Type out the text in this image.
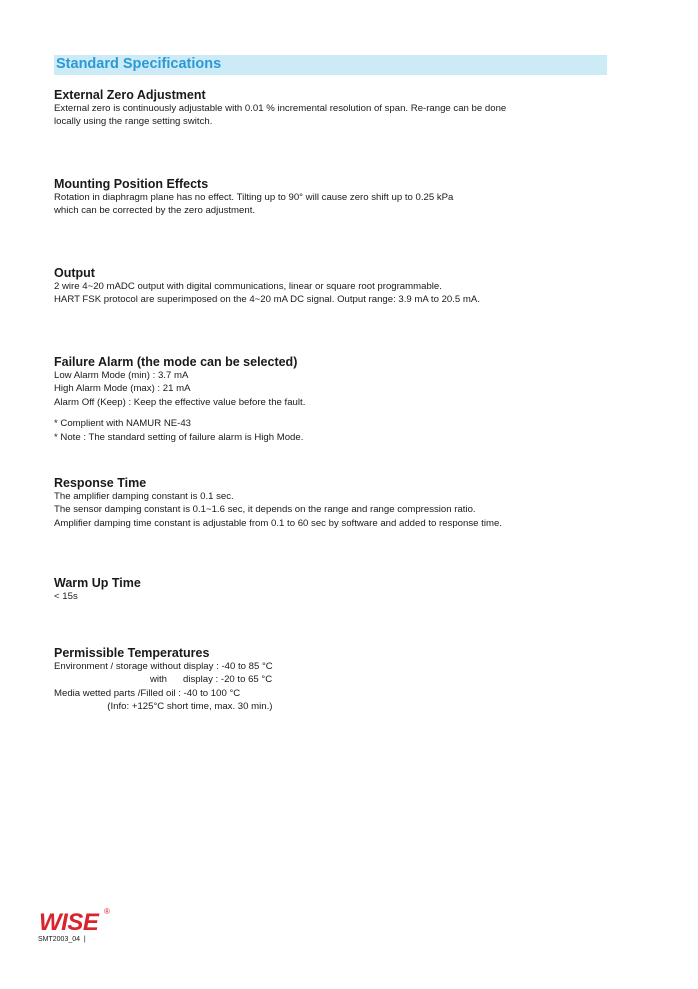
Standard Specifications
External Zero Adjustment
External zero is continuously adjustable with 0.01 % incremental resolution of span. Re-range can be done
locally using the range setting switch.
Mounting Position Effects
Rotation in diaphragm plane has no effect. Tilting up to 90° will cause zero shift up to 0.25 kPa
which can be corrected by the zero adjustment.
Output
2 wire 4~20 mADC output with digital communications, linear or square root programmable.
HART FSK protocol are superimposed on the 4~20 mA DC signal. Output range: 3.9 mA to 20.5 mA.
Failure Alarm (the mode can be selected)
Low Alarm Mode (min) : 3.7 mA
High Alarm Mode (max) : 21 mA
Alarm Off (Keep) : Keep the effective value before the fault.
* Complient with NAMUR NE-43
* Note : The standard setting of failure alarm is High Mode.
Response Time
The amplifier damping constant is 0.1 sec.
The sensor damping constant is 0.1~1.6 sec, it depends on the range and range compression ratio.
Amplifier damping time constant is adjustable from 0.1 to 60 sec by software and added to response time.
Warm Up Time
< 15s
Permissible Temperatures
Environment / storage without display : -40 to 85 °C
with      display : -20 to 65 °C
Media wetted parts /Filled oil : -40 to 100 °C
(Info: +125°C short time, max. 30 min.)
WISE ®
SMT2003_04 |
